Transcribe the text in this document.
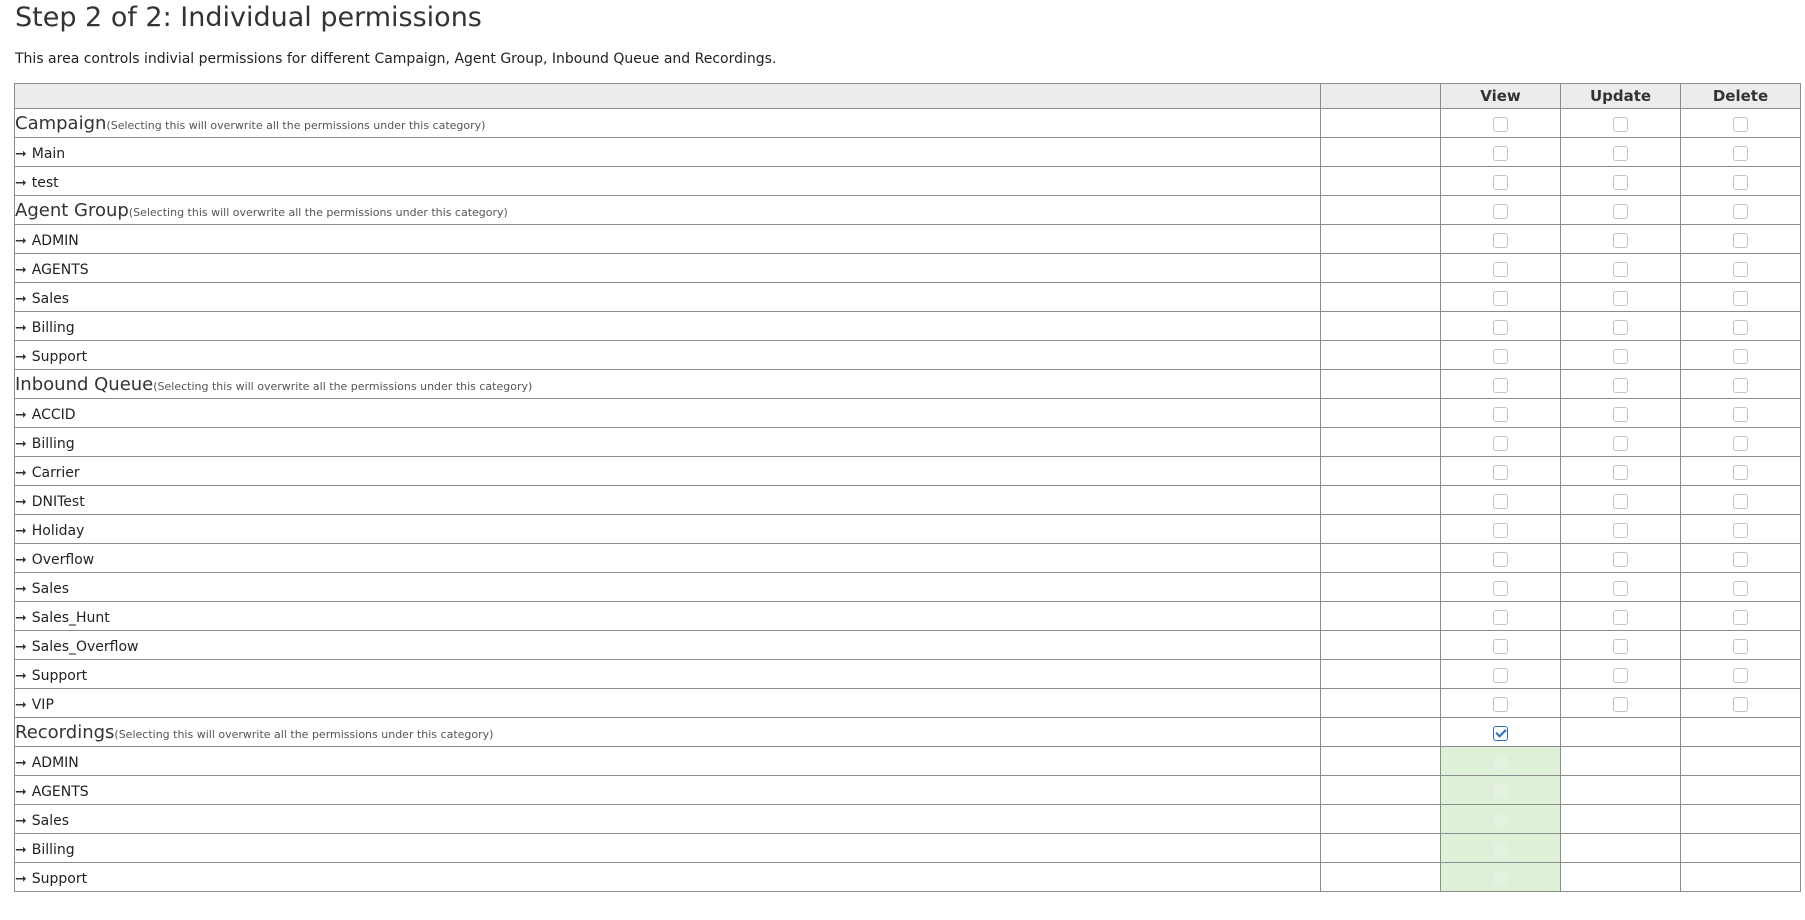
Step 2 of 2: Individual permissions
This area controls indivial permissions for different Campaign, Agent Group, Inbound Queue and Recordings.
		View	Update	Delete
Campaign(Selecting this will overwrite all the permissions under this category)				
➞ Main				
➞ test				
Agent Group(Selecting this will overwrite all the permissions under this category)				
➞ ADMIN				
➞ AGENTS				
➞ Sales				
➞ Billing				
➞ Support				
Inbound Queue(Selecting this will overwrite all the permissions under this category)				
➞ ACCID				
➞ Billing				
➞ Carrier				
➞ DNITest				
➞ Holiday				
➞ Overflow				
➞ Sales				
➞ Sales_Hunt				
➞ Sales_Overflow				
➞ Support				
➞ VIP				
Recordings(Selecting this will overwrite all the permissions under this category)				
➞ ADMIN				
➞ AGENTS				
➞ Sales				
➞ Billing				
➞ Support				
